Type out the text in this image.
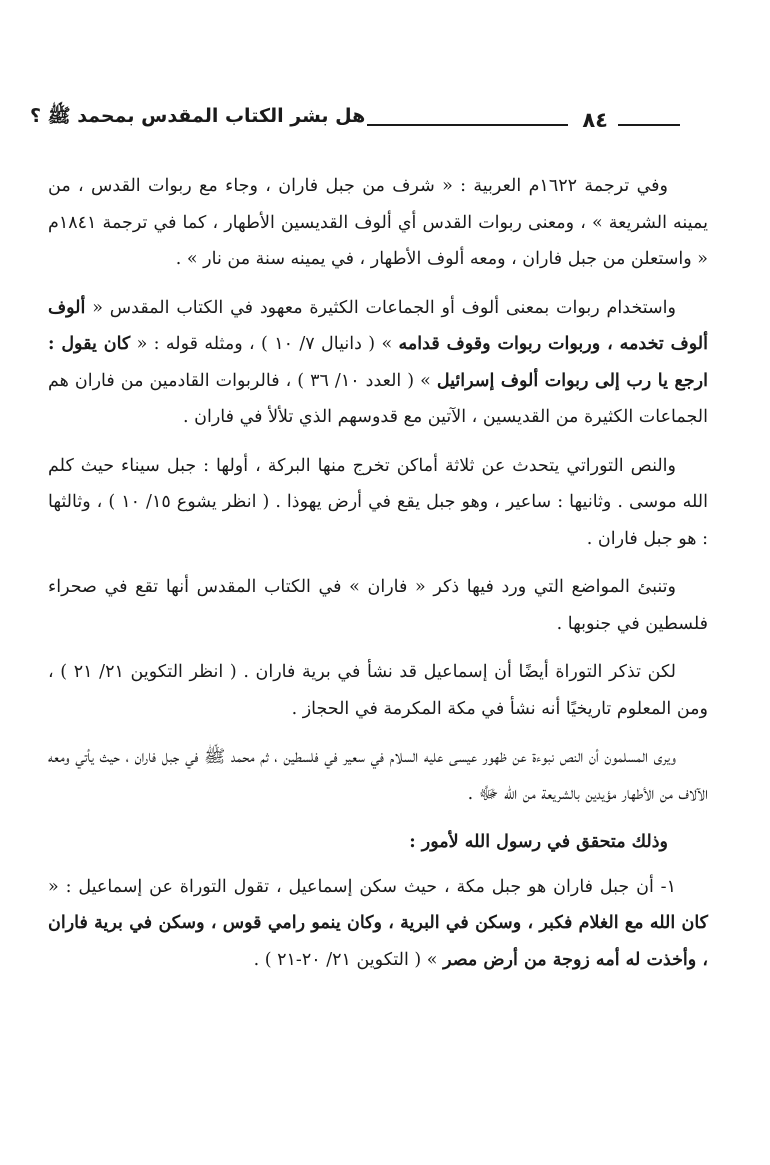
هل بشر الكتاب المقدس بمحمد ﷺ ؟	٨٤

وفي ترجمة ١٦٢٢م العربية : « شرف من جبل فاران ، وجاء مع ربوات القدس ، من يمينه الشريعة » ، ومعنى ربوات القدس أي ألوف القديسين الأطهار ، كما في ترجمة ١٨٤١م « واستعلن من جبل فاران ، ومعه ألوف الأطهار ، في يمينه سنة من نار » .

واستخدام ربوات بمعنى ألوف أو الجماعات الكثيرة معهود في الكتاب المقدس « ألوف ألوف تخدمه ، وربوات ربوات وقوف قدامه » ( دانيال ٧/ ١٠ ) ، ومثله قوله : « كان يقول : ارجع يا رب إلى ربوات ألوف إسرائيل » ( العدد ١٠/ ٣٦ ) ، فالربوات القادمين من فاران هم الجماعات الكثيرة من القديسين ، الآتين مع قدوسهم الذي تلألأ في فاران .

والنص التوراتي يتحدث عن ثلاثة أماكن تخرج منها البركة ، أولها : جبل سيناء حيث كلم الله موسى . وثانيها : ساعير ، وهو جبل يقع في أرض يهوذا . ( انظر يشوع ١٥/ ١٠ ) ، وثالثها : هو جبل فاران .

وتنبئ المواضع التي ورد فيها ذكر « فاران » في الكتاب المقدس أنها تقع في صحراء فلسطين في جنوبها .

لكن تذكر التوراة أيضًا أن إسماعيل قد نشأ في برية فاران . ( انظر التكوين ٢١/ ٢١ ) ، ومن المعلوم تاريخيًا أنه نشأ في مكة المكرمة في الحجاز .

ويرى المسلمون أن النص نبوءة عن ظهور عيسى عليه السلام في سعير في فلسطين ، ثم محمد ﷺ في جبل فاران ، حيث يأتي ومعه الآلاف من الأطهار مؤيدين بالشريعة من الله ﷻ .

وذلك متحقق في رسول الله لأمور :

١- أن جبل فاران هو جبل مكة ، حيث سكن إسماعيل ، تقول التوراة عن إسماعيل : « كان الله مع الغلام فكبر ، وسكن في البرية ، وكان ينمو رامي قوس ، وسكن في برية فاران ، وأخذت له أمه زوجة من أرض مصر » ( التكوين ٢١/ ٢٠-٢١ ) .
